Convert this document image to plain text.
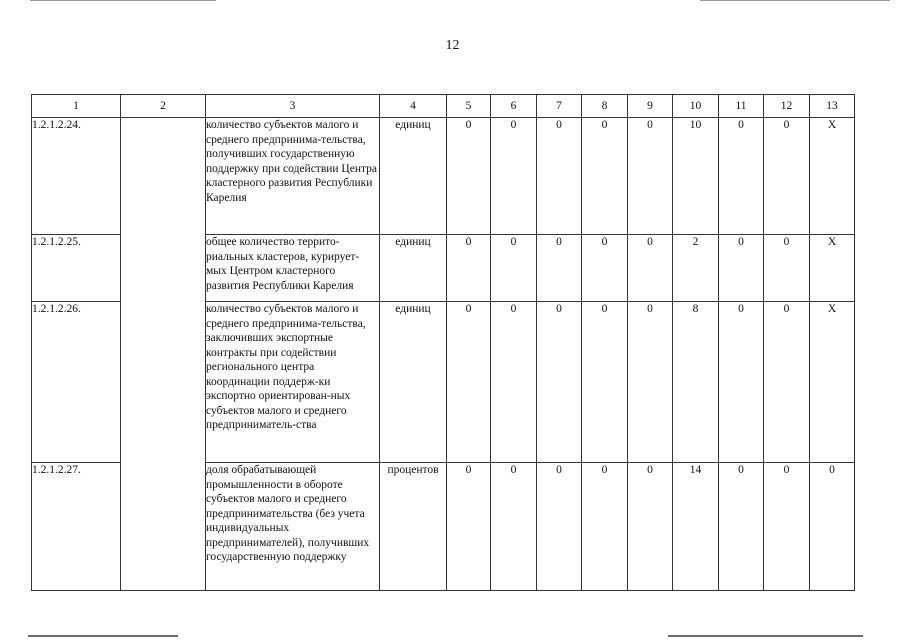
12
1	2	3	4	5	6	7	8	9	10	11	12	13
1.2.1.2.24.		количество субъектов малого и среднего предпринима-тельства, получивших государственную поддержку при содействии Центра кластерного развития Республики Карелия	единиц	0	0	0	0	0	10	0	0	Х
1.2.1.2.25.		общее количество террито-риальных кластеров, курирует-мых Центром кластерного развития Республики Карелия	единиц	0	0	0	0	0	2	0	0	Х
1.2.1.2.26.		количество субъектов малого и среднего предпринима-тельства, заключивших экспортные контракты при содействии регионального центра координации поддерж-ки экспортно ориентирован-ных субъектов малого и среднего предприниматель-ства	единиц	0	0	0	0	0	8	0	0	Х
1.2.1.2.27.		доля обрабатывающей промышленности в обороте субъектов малого и среднего предпринимательства (без учета индивидуальных предпринимателей), получивших государственную поддержку	процентов	0	0	0	0	0	14	0	0	0
